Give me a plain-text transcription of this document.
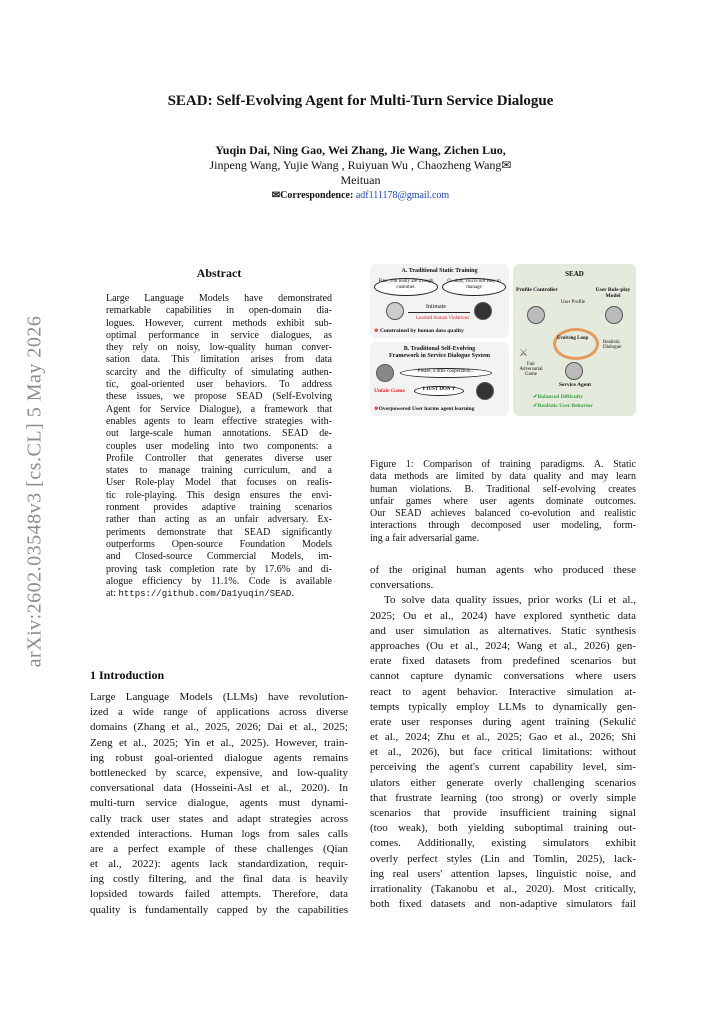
arXiv:2602.03548v3 [cs.CL] 5 May 2026
SEAD: Self-Evolving Agent for Multi-Turn Service Dialogue
Yuqin Dai, Ning Gao, Wei Zhang, Jie Wang, Zichen Luo,
Jinpeng Wang, Yujie Wang , Ruiyuan Wu , Chaozheng Wang✉
Meituan
✉Correspondence: adf111178@gmail.com
Abstract
Large Language Models have demonstrated
remarkable capabilities in open-domain dia-
logues. However, current methods exhibit sub-
optimal performance in service dialogues, as
they rely on noisy, low-quality human conver-
sation data. This limitation arises from data
scarcity and the difficulty of simulating authen-
tic, goal-oriented user behaviors. To address
these issues, we propose SEAD (Self-Evolving
Agent for Service Dialogue), a framework that
enables agents to learn effective strategies with-
out large-scale human annotations. SEAD de-
couples user modeling into two components: a
Profile Controller that generates diverse user
states to manage training curriculum, and a
User Role-play Model that focuses on realis-
tic role-playing. This design ensures the envi-
ronment provides adaptive training scenarios
rather than acting as an unfair adversary. Ex-
periments demonstrate that SEAD significantly
outperforms Open-source Foundation Models
and Closed-source Commercial Models, im-
proving task completion rate by 17.6% and di-
alogue efficiency by 11.1%. Code is available
at: https://github.com/Da1yuqin/SEAD.
1 Introduction
Large Language Models (LLMs) have revolution-
ized a wide range of applications across diverse
domains (Zhang et al., 2025, 2026; Dai et al., 2025;
Zeng et al., 2025; Yin et al., 2025). However, train-
ing robust goal-oriented dialogue agents remains
bottlenecked by scarce, expensive, and low-quality
conversational data (Hosseini-Asl et al., 2020). In
multi-turn service dialogue, agents must dynami-
cally track user states and adapt strategies across
extended interactions. Human logs from sales calls
are a perfect example of these challenges (Qian
et al., 2022): agents lack standardization, requir-
ing costly filtering, and the final data is heavily
lopsided towards failed attempts. Therefore, data
quality is fundamentally capped by the capabilities
A. Traditional Static Training
Fine, you really are a tough customer.
O..okay, you're not easy to manage
Intimate
Learned human Violations
⊗ Constrained by human data quality
B. Traditional Self-Evolving
Framework in Service Dialogue System
Please, a little cooperation...
Unfair Game	I JUST DON'T
⊗Overpowered User harms agent learning
SEAD
Profile Controller	User Role-play Model
User Profile
Evolving Loop
Realistic Dialogue
⚔
Fair Adversarial Game
Service Agent
✔Balanced Difficulty
✔Realistic User Behavior
Figure 1: Comparison of training paradigms. A. Static
data methods are limited by data quality and may learn
human violations. B. Traditional self-evolving creates
unfair games where user agents dominate outcomes.
Our SEAD achieves balanced co-evolution and realistic
interactions through decomposed user modeling, form-
ing a fair adversarial game.
of the original human agents who produced these
conversations.
To solve data quality issues, prior works (Li et al.,
2025; Ou et al., 2024) have explored synthetic data
and user simulation as alternatives. Static synthesis
approaches (Ou et al., 2024; Wang et al., 2026) gen-
erate fixed datasets from predefined scenarios but
cannot capture dynamic conversations where users
react to agent behavior. Interactive simulation at-
tempts typically employ LLMs to dynamically gen-
erate user responses during agent training (Sekulić
et al., 2024; Zhu et al., 2025; Gao et al., 2026; Shi
et al., 2026), but face critical limitations: without
perceiving the agent's current capability level, sim-
ulators either generate overly challenging scenarios
that frustrate learning (too strong) or overly simple
scenarios that provide insufficient training signal
(too weak), both yielding suboptimal training out-
comes. Additionally, existing simulators exhibit
overly perfect styles (Lin and Tomlin, 2025), lack-
ing real users' attention lapses, linguistic noise, and
irrationality (Takanobu et al., 2020). Most critically,
both fixed datasets and non-adaptive simulators fail
